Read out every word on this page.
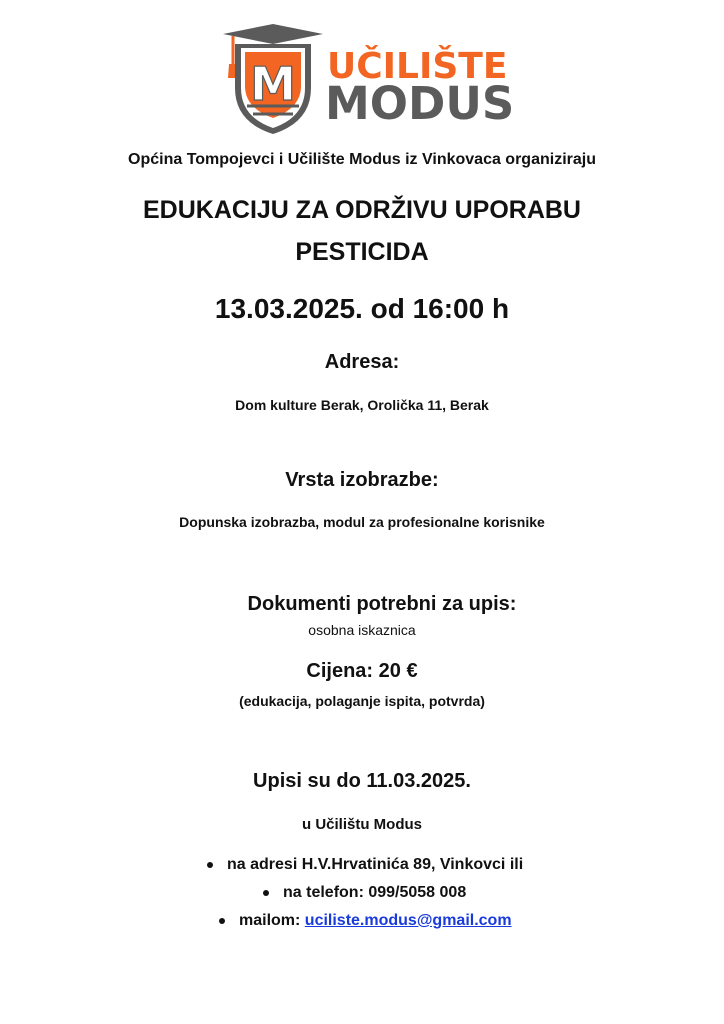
M UČILIŠTE
MODUS
Općina Tompojevci i Učilište Modus iz Vinkovaca organiziraju
EDUKACIJU ZA ODRŽIVU UPORABU
PESTICIDA
13.03.2025. od 16:00 h
Adresa:
Dom kulture Berak, Orolička 11, Berak
Vrsta izobrazbe:
Dopunska izobrazba, modul za profesionalne korisnike
Dokumenti potrebni za upis:
osobna iskaznica
Cijena: 20 €
(edukacija, polaganje ispita, potvrda)
Upisi su do 11.03.2025.
u Učilištu Modus
na adresi H.V.Hrvatinića 89, Vinkovci ili
na telefon: 099/5058 008
mailom: uciliste.modus@gmail.com
